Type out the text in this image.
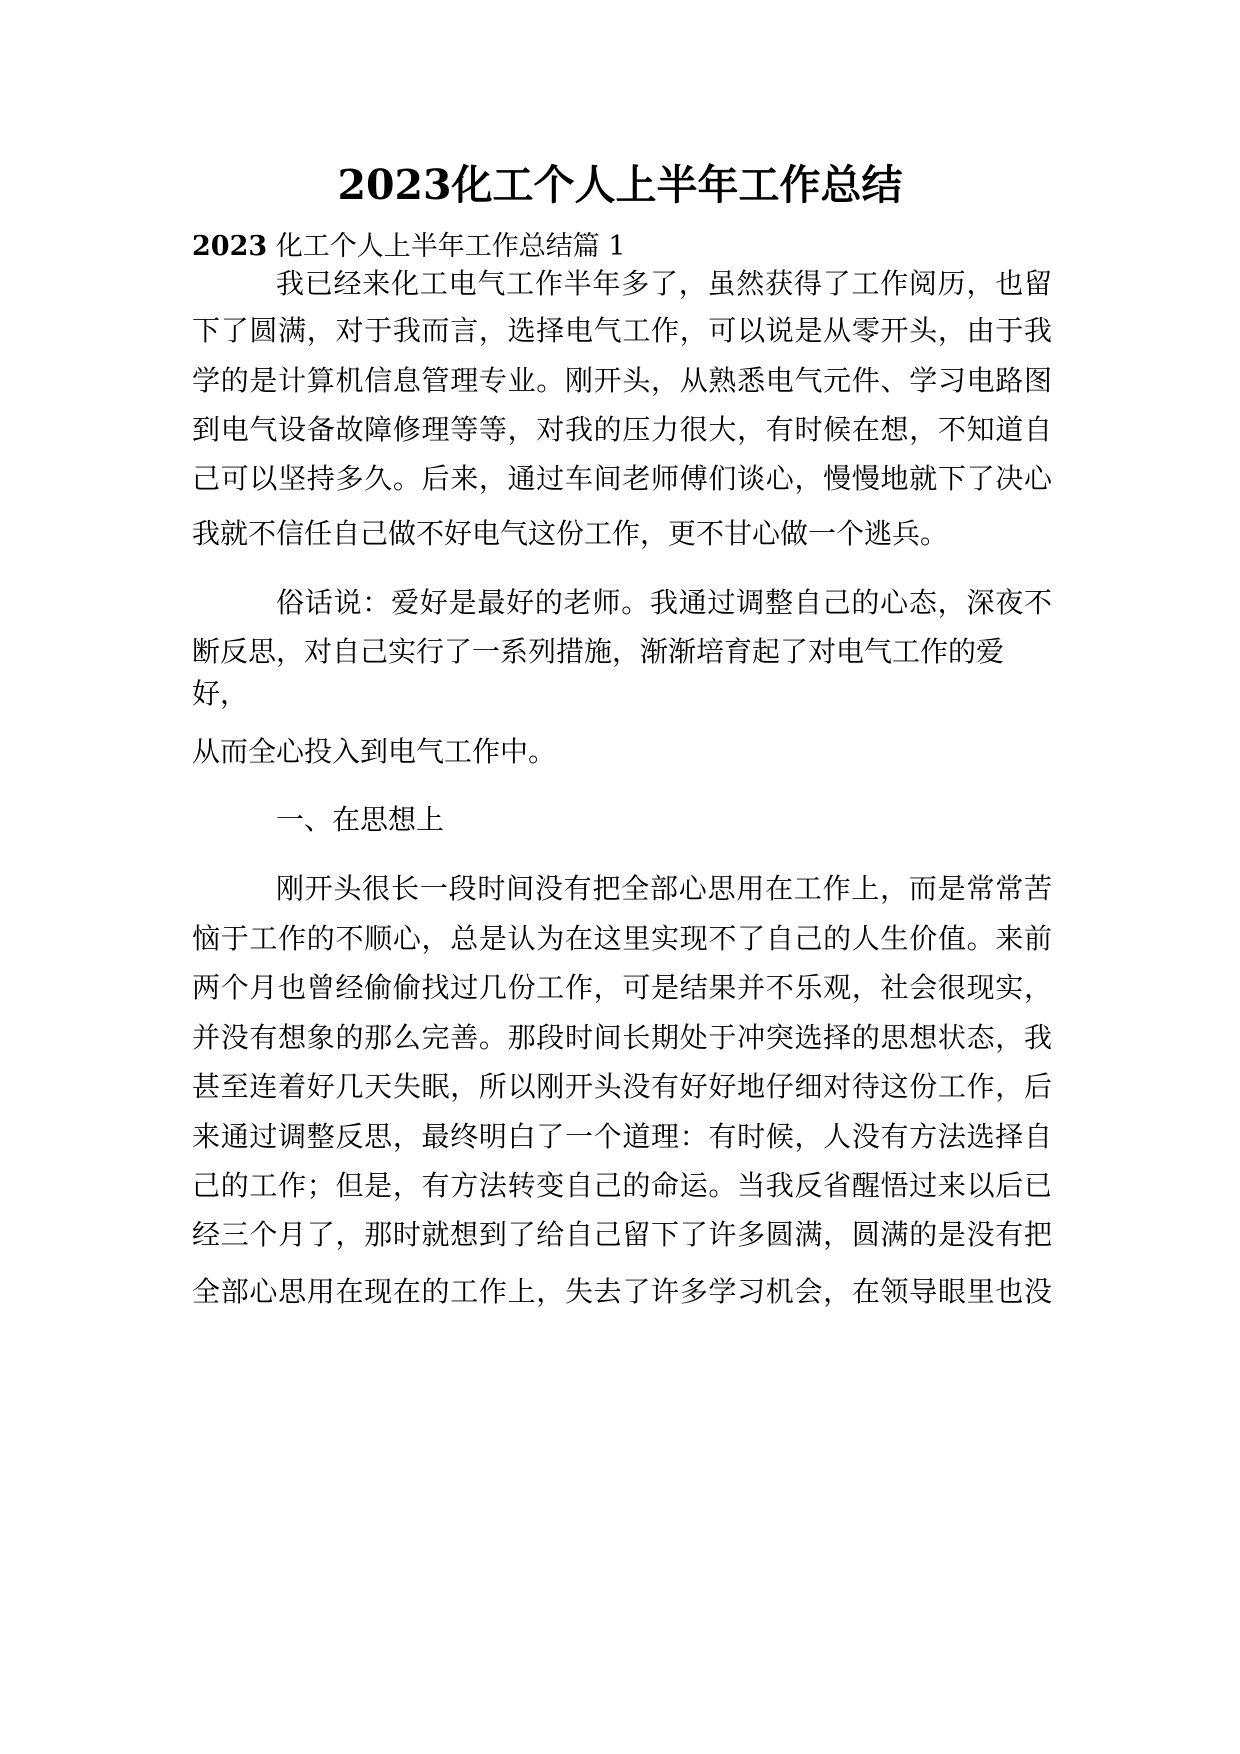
2023化工个人上半年工作总结

2023 化工个人上半年工作总结篇 1

我已经来化工电气工作半年多了，虽然获得了工作阅历，也留

下了圆满，对于我而言，选择电气工作，可以说是从零开头，由于我

学的是计算机信息管理专业。刚开头，从熟悉电气元件、学习电路图

到电气设备故障修理等等，对我的压力很大，有时候在想，不知道自

己可以坚持多久。后来，通过车间老师傅们谈心，慢慢地就下了决心

我就不信任自己做不好电气这份工作，更不甘心做一个逃兵。

俗话说：爱好是最好的老师。我通过调整自己的心态，深夜不

断反思，对自己实行了一系列措施，渐渐培育起了对电气工作的爱

好，

从而全心投入到电气工作中。

一、在思想上

刚开头很长一段时间没有把全部心思用在工作上，而是常常苦

恼于工作的不顺心，总是认为在这里实现不了自己的人生价值。来前

两个月也曾经偷偷找过几份工作，可是结果并不乐观，社会很现实，

并没有想象的那么完善。那段时间长期处于冲突选择的思想状态，我

甚至连着好几天失眠，所以刚开头没有好好地仔细对待这份工作，后

来通过调整反思，最终明白了一个道理：有时候，人没有方法选择自

己的工作；但是，有方法转变自己的命运。当我反省醒悟过来以后已

经三个月了，那时就想到了给自己留下了许多圆满，圆满的是没有把

全部心思用在现在的工作上，失去了许多学习机会，在领导眼里也没
